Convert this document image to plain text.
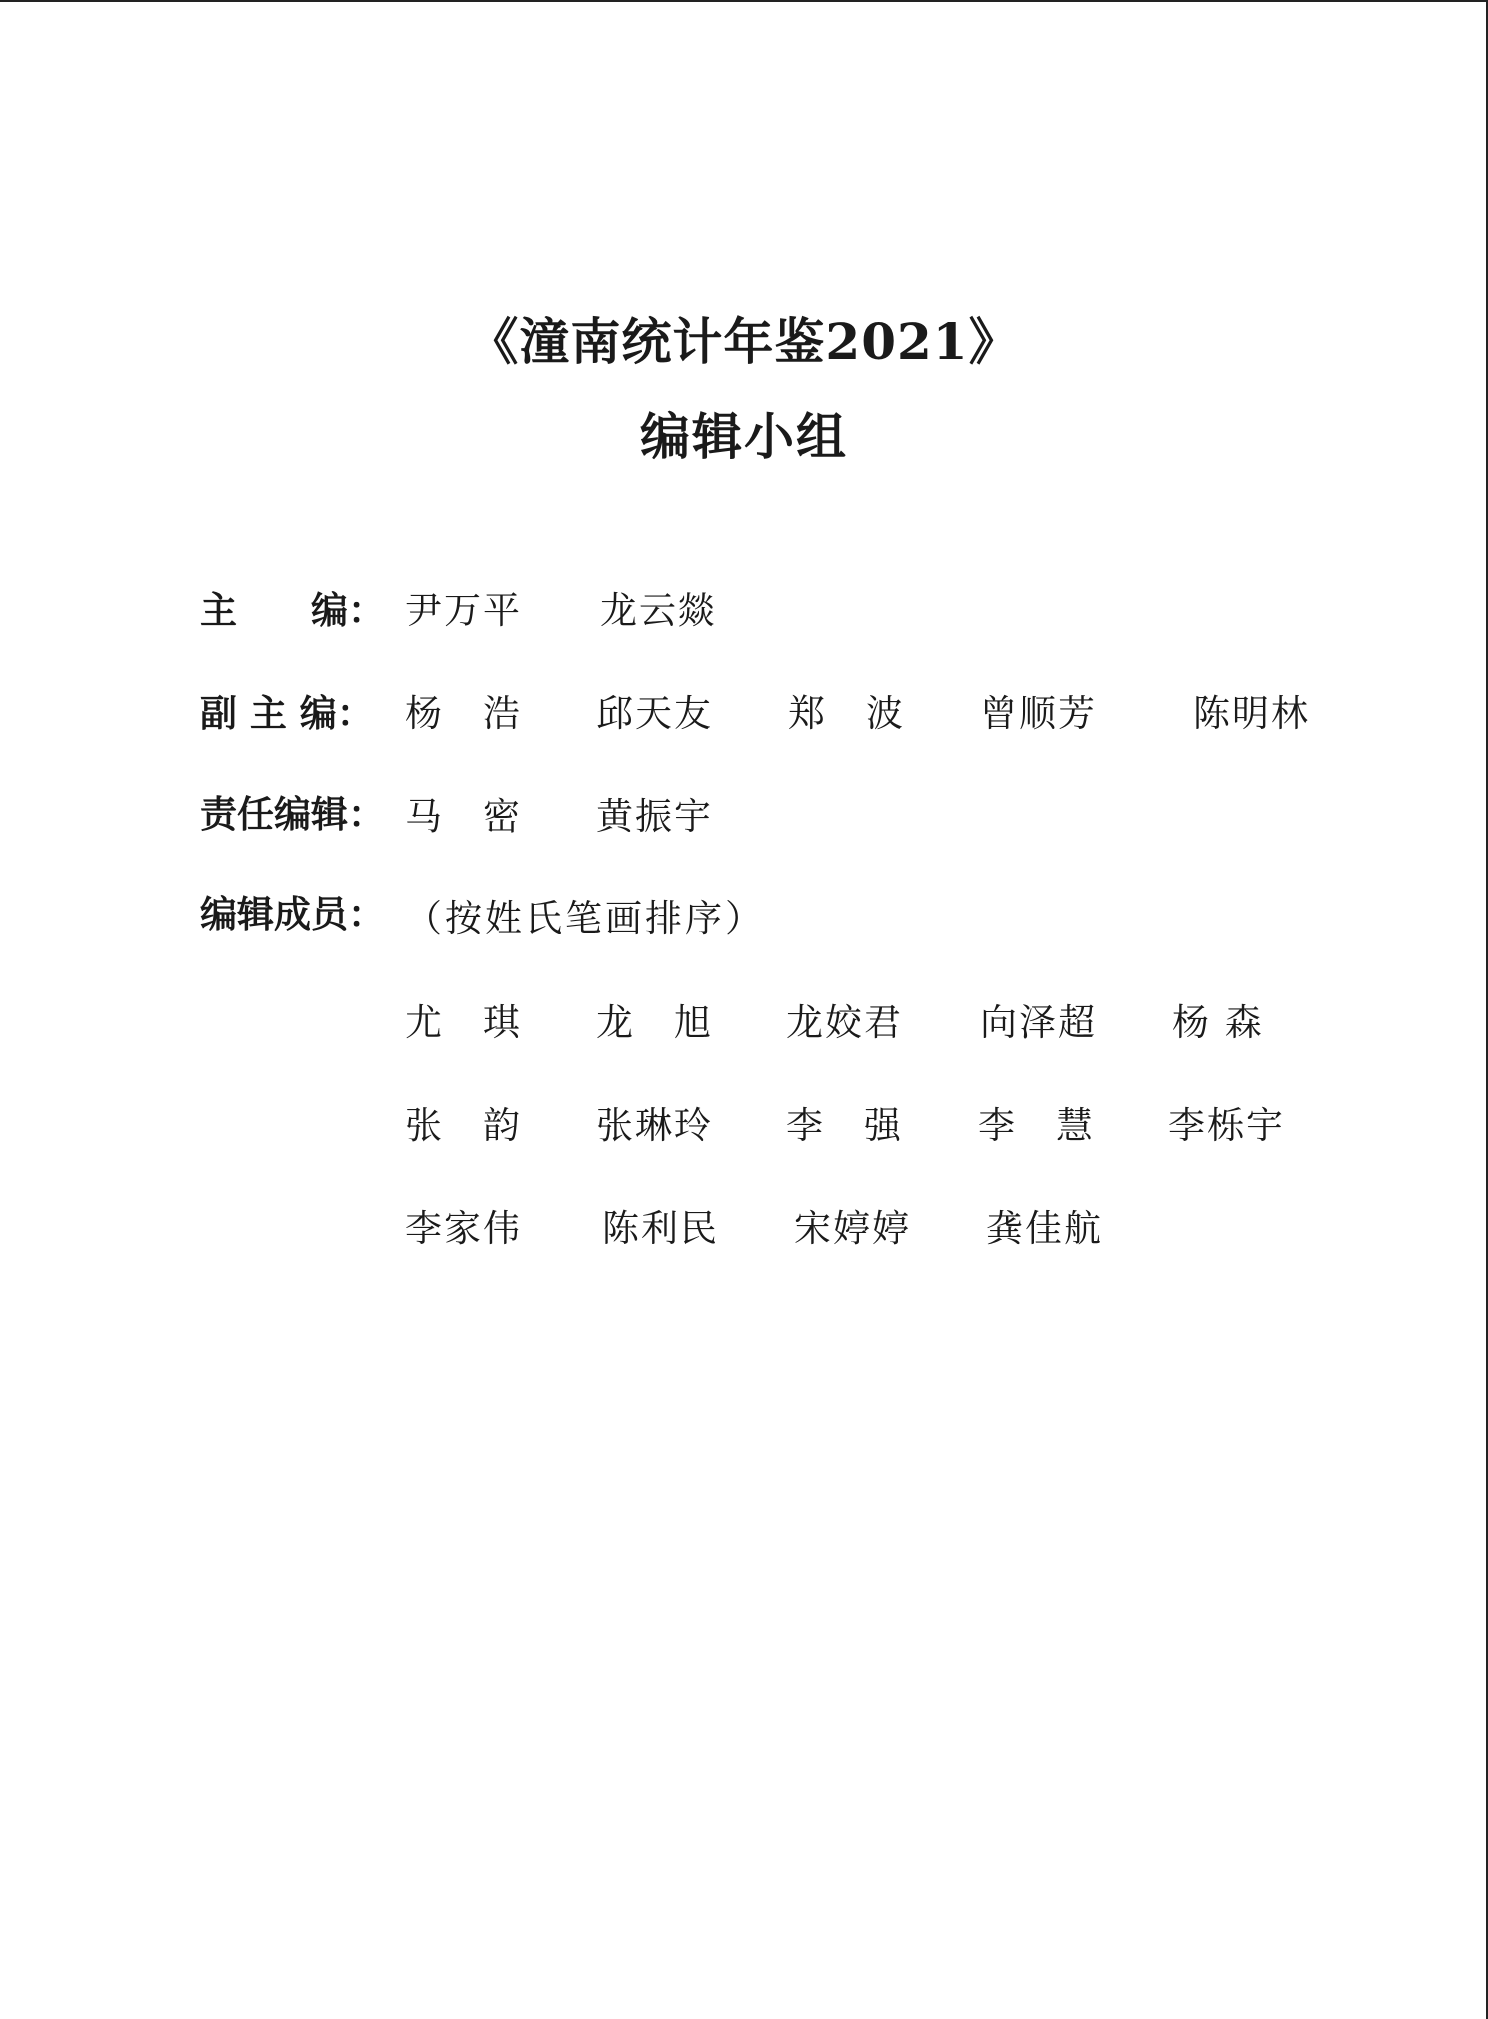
《潼南统计年鉴2021》
编辑小组
主　　编： 尹万平 龙云燚
副 主 编： 杨　浩 邱天友 郑　波 曾顺芳	陈明林
责任编辑： 马　密 黄振宇
编辑成员： （按姓氏笔画排序）
尤　琪 龙　旭 龙姣君 向泽超 杨 森
张　韵 张琳玲 李　强 李　慧 李栎宇
李家伟 陈利民 宋婷婷 龚佳航
